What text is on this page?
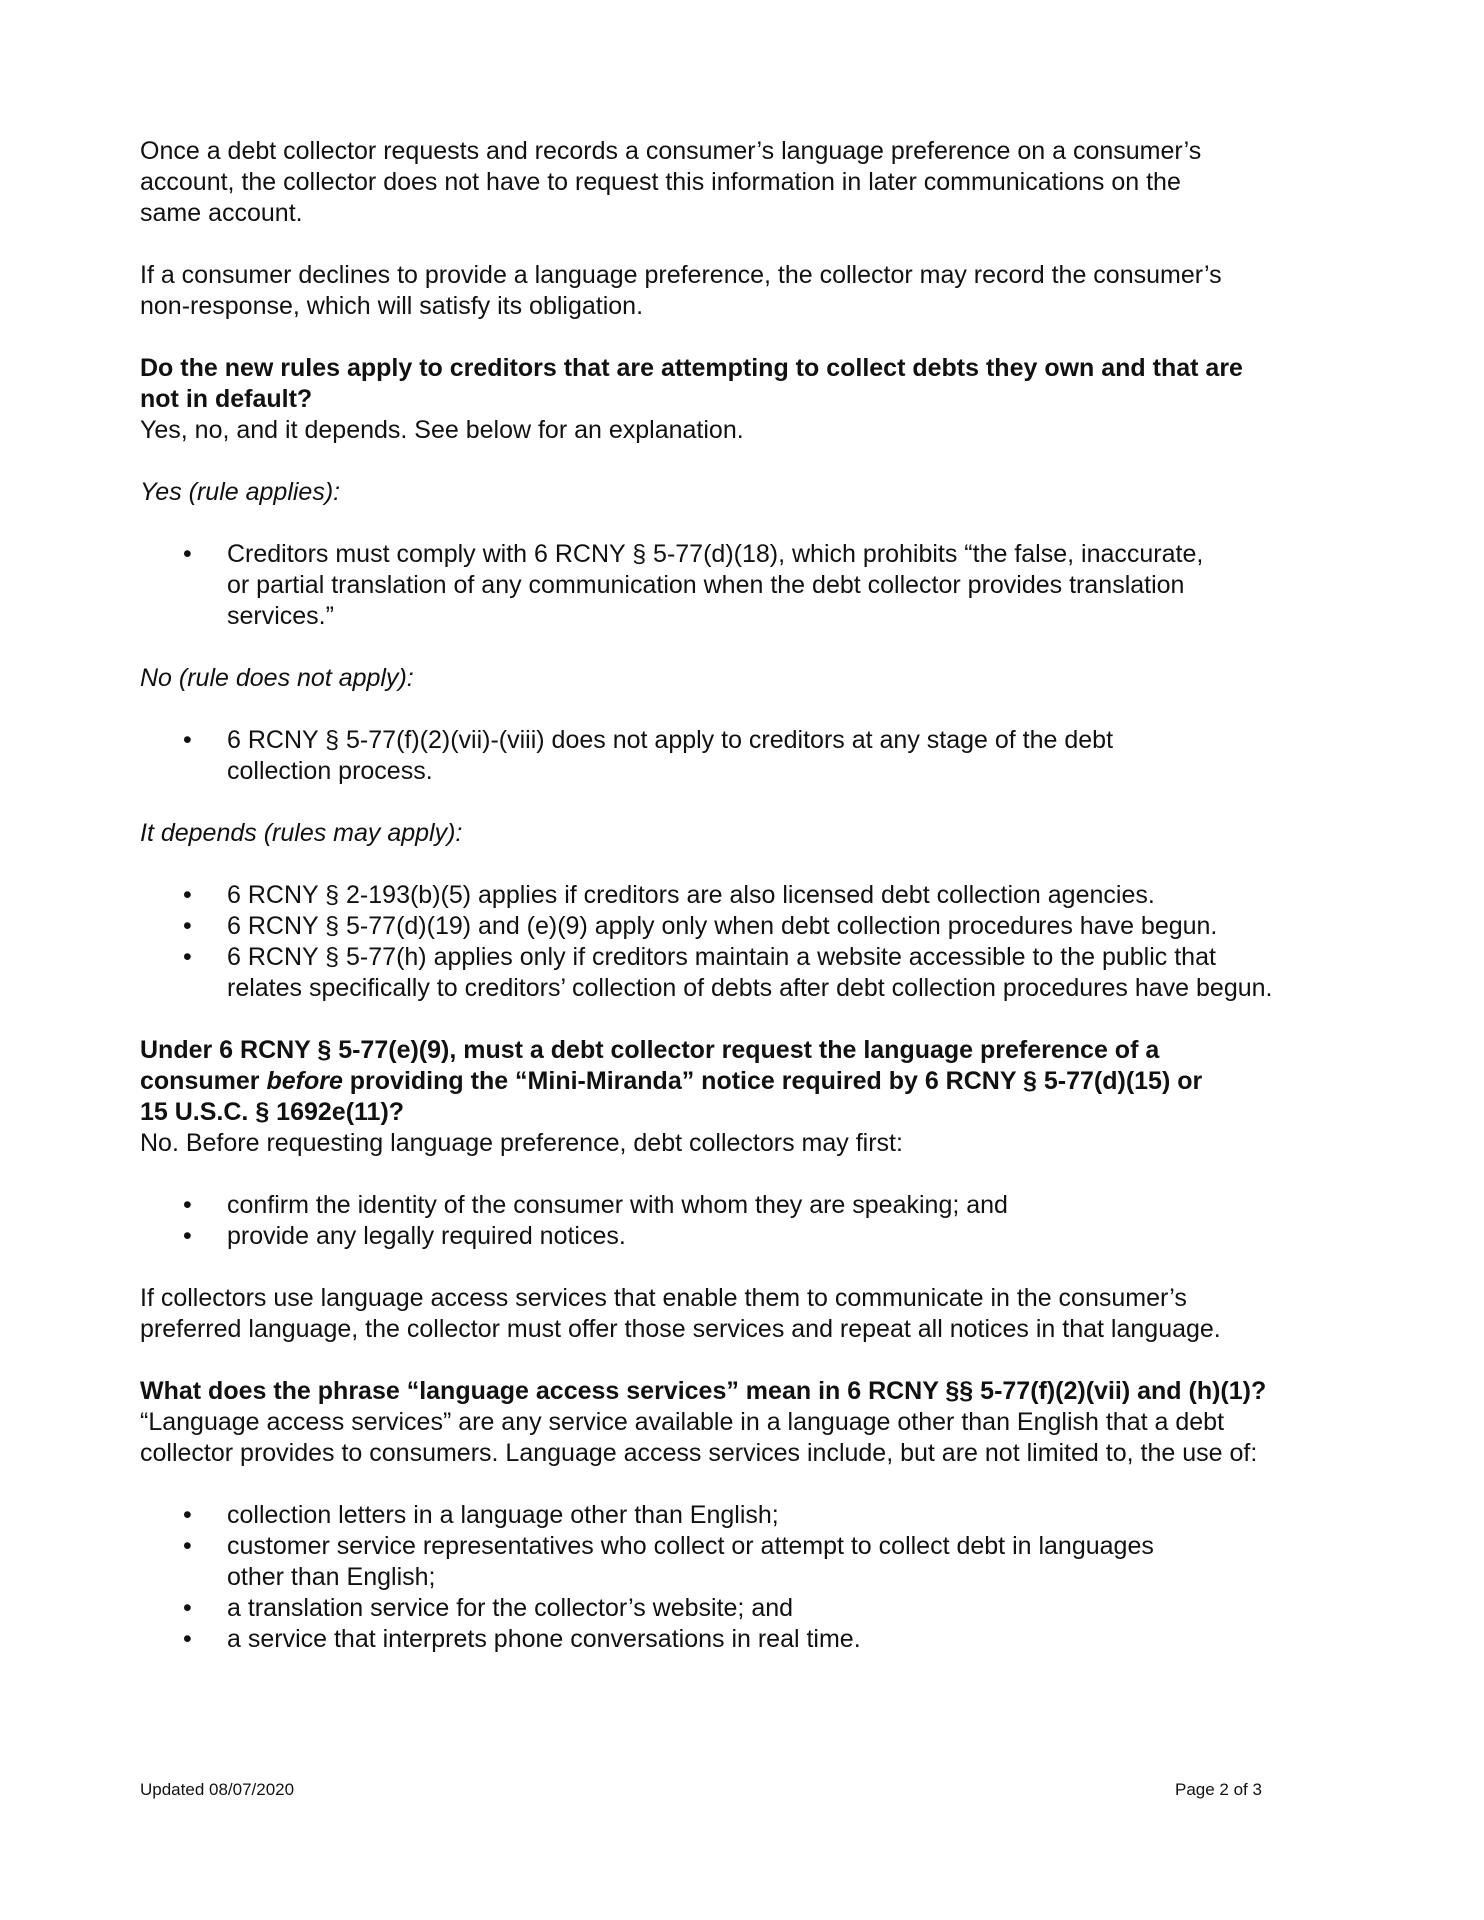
Once a debt collector requests and records a consumer’s language preference on a consumer’s
account, the collector does not have to request this information in later communications on the
same account.

If a consumer declines to provide a language preference, the collector may record the consumer’s
non-response, which will satisfy its obligation.

Do the new rules apply to creditors that are attempting to collect debts they own and that are
not in default?

Yes, no, and it depends. See below for an explanation.

Yes (rule applies):

• Creditors must comply with 6 RCNY § 5-77(d)(18), which prohibits “the false, inaccurate,
or partial translation of any communication when the debt collector provides translation
services.”

No (rule does not apply):

• 6 RCNY § 5-77(f)(2)(vii)-(viii) does not apply to creditors at any stage of the debt
collection process.

It depends (rules may apply):

• 6 RCNY § 2-193(b)(5) applies if creditors are also licensed debt collection agencies.
• 6 RCNY § 5-77(d)(19) and (e)(9) apply only when debt collection procedures have begun.
• 6 RCNY § 5-77(h) applies only if creditors maintain a website accessible to the public that
relates specifically to creditors’ collection of debts after debt collection procedures have begun.

Under 6 RCNY § 5-77(e)(9), must a debt collector request the language preference of a
consumer before providing the “Mini-Miranda” notice required by 6 RCNY § 5-77(d)(15) or
15 U.S.C. § 1692e(11)?

No. Before requesting language preference, debt collectors may first:

• confirm the identity of the consumer with whom they are speaking; and
• provide any legally required notices.

If collectors use language access services that enable them to communicate in the consumer’s
preferred language, the collector must offer those services and repeat all notices in that language.

What does the phrase “language access services” mean in 6 RCNY §§ 5-77(f)(2)(vii) and (h)(1)?

“Language access services” are any service available in a language other than English that a debt
collector provides to consumers. Language access services include, but are not limited to, the use of:

• collection letters in a language other than English;
• customer service representatives who collect or attempt to collect debt in languages
other than English;
• a translation service for the collector’s website; and
• a service that interprets phone conversations in real time.
Updated 08/07/2020	Page 2 of 3
